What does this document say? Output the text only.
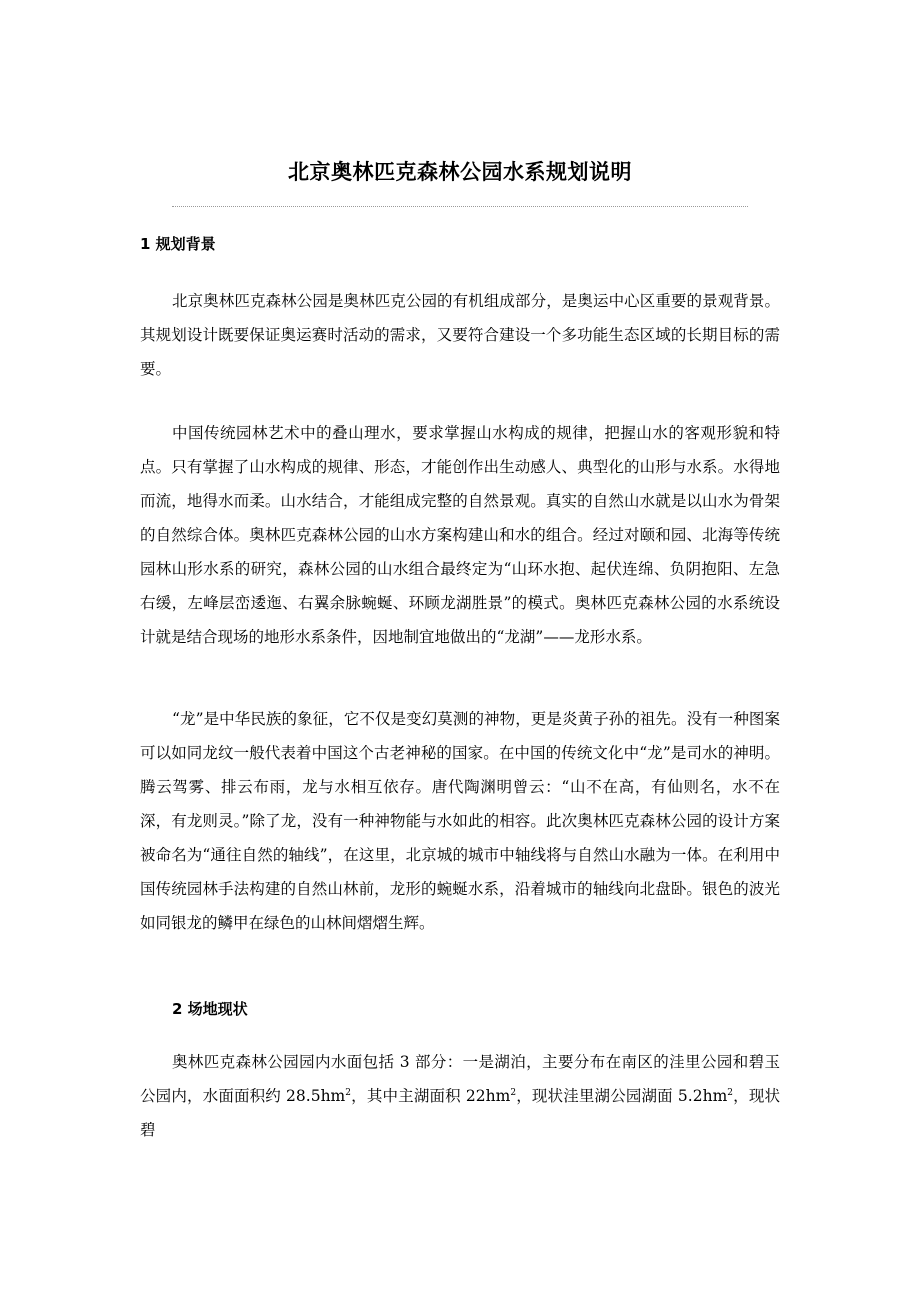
北京奥林匹克森林公园水系规划说明
1 规划背景

北京奥林匹克森林公园是奥林匹克公园的有机组成部分，是奥运中心区重要的景观背景。其规划设计既要保证奥运赛时活动的需求，又要符合建设一个多功能生态区域的长期目标的需要。

中国传统园林艺术中的叠山理水，要求掌握山水构成的规律，把握山水的客观形貌和特点。只有掌握了山水构成的规律、形态，才能创作出生动感人、典型化的山形与水系。水得地而流，地得水而柔。山水结合，才能组成完整的自然景观。真实的自然山水就是以山水为骨架的自然综合体。奥林匹克森林公园的山水方案构建山和水的组合。经过对颐和园、北海等传统园林山形水系的研究，森林公园的山水组合最终定为“山环水抱、起伏连绵、负阴抱阳、左急右缓，左峰层峦逶迤、右翼余脉蜿蜒、环顾龙湖胜景”的模式。奥林匹克森林公园的水系统设计就是结合现场的地形水系条件，因地制宜地做出的“龙湖”——龙形水系。

“龙”是中华民族的象征，它不仅是变幻莫测的神物，更是炎黄子孙的祖先。没有一种图案可以如同龙纹一般代表着中国这个古老神秘的国家。在中国的传统文化中“龙”是司水的神明。腾云驾雾、排云布雨，龙与水相互依存。唐代陶渊明曾云：“山不在高，有仙则名，水不在深，有龙则灵。”除了龙，没有一种神物能与水如此的相容。此次奥林匹克森林公园的设计方案被命名为“通往自然的轴线”，在这里，北京城的城市中轴线将与自然山水融为一体。在利用中国传统园林手法构建的自然山林前，龙形的蜿蜒水系，沿着城市的轴线向北盘卧。银色的波光如同银龙的鳞甲在绿色的山林间熠熠生辉。

2 场地现状

奥林匹克森林公园园内水面包括 3 部分：一是湖泊，主要分布在南区的洼里公园和碧玉公园内，水面面积约 $28.5hm^2$，其中主湖面积 $22hm^2$，现状洼里湖公园湖面 $5.2hm^2$，现状碧
